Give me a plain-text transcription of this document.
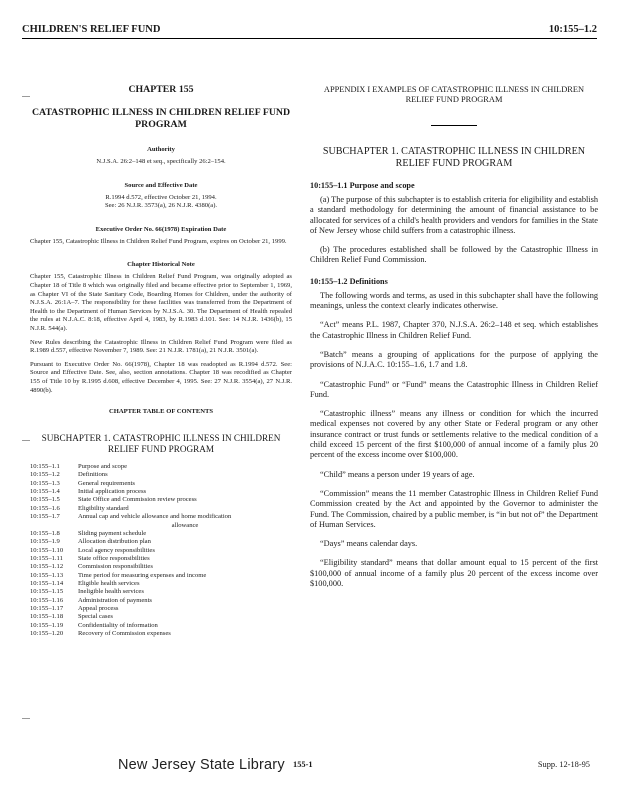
CHILDREN'S RELIEF FUND	10:155–1.2
CHAPTER 155
CATASTROPHIC ILLNESS IN CHILDREN RELIEF FUND PROGRAM
Authority

N.J.S.A. 26:2–148 et seq., specifically 26:2–154.

Source and Effective Date

R.1994 d.572, effective October 21, 1994.

See: 26 N.J.R. 3573(a), 26 N.J.R. 4380(a).

Executive Order No. 66(1978) Expiration Date

Chapter 155, Catastrophic Illness in Children Relief Fund Program, expires on October 21, 1999.

Chapter Historical Note

Chapter 155, Catastrophic Illness in Children Relief Fund Program, was originally adopted as Chapter 18 of Title 8 which was originally filed and became effective prior to September 1, 1969, as Chapter VI of the State Sanitary Code, Boarding Homes for Children, under the authority of N.J.S.A. 26:1A–7. The responsibility for these facilities was transferred from the Department of Health to the Department of Human Services by N.J.S.A. 30. The Department of Health repealed the rules at N.J.A.C. 8:18, effective April 4, 1983, by R.1983 d.101. See: 14 N.J.R. 1436(b), 15 N.J.R. 544(a).

New Rules describing the Catastrophic Illness in Children Relief Fund Program were filed as R.1989 d.557, effective November 7, 1989. See: 21 N.J.R. 1781(a), 21 N.J.R. 3501(a).

Pursuant to Executive Order No. 66(1978), Chapter 18 was readopted as R.1994 d.572. See: Source and Effective Date. See, also, section annotations. Chapter 18 was recodified as Chapter 155 of Title 10 by R.1995 d.608, effective December 4, 1995. See: 27 N.J.R. 3554(a), 27 N.J.R. 4890(b).

CHAPTER TABLE OF CONTENTS
SUBCHAPTER 1. CATASTROPHIC ILLNESS IN CHILDREN RELIEF FUND PROGRAM
10:155–1.1	Purpose and scope
10:155–1.2	Definitions
10:155–1.3	General requirements
10:155–1.4	Initial application process
10:155–1.5	State Office and Commission review process
10:155–1.6	Eligibility standard
10:155–1.7	Annual cap and vehicle allowance and home modification
allowance
10:155–1.8	Sliding payment schedule
10:155–1.9	Allocation distribution plan
10:155–1.10	Local agency responsibilities
10:155–1.11	State office responsibilities
10:155–1.12	Commission responsibilities
10:155–1.13	Time period for measuring expenses and income
10:155–1.14	Eligible health services
10:155–1.15	Ineligible health services
10:155–1.16	Administration of payments
10:155–1.17	Appeal process
10:155–1.18	Special cases
10:155–1.19	Confidentiality of information
10:155–1.20	Recovery of Commission expenses
APPENDIX I EXAMPLES OF CATASTROPHIC ILLNESS IN CHILDREN RELIEF FUND PROGRAM
SUBCHAPTER 1. CATASTROPHIC ILLNESS IN CHILDREN RELIEF FUND PROGRAM
10:155–1.1 Purpose and scope

(a) The purpose of this subchapter is to establish criteria for eligibility and establish a standard methodology for determining the amount of financial assistance to be allocated for services of a child's health providers and vendors for families in the State of New Jersey whose child suffers from a catastrophic illness.

(b) The procedures established shall be followed by the Catastrophic Illness in Children Relief Fund Commission.

10:155–1.2 Definitions

The following words and terms, as used in this subchapter shall have the following meanings, unless the context clearly indicates otherwise.

“Act” means P.L. 1987, Chapter 370, N.J.S.A. 26:2–148 et seq. which establishes the Catastrophic Illness in Children Relief Fund.

“Batch” means a grouping of applications for the purpose of applying the provisions of N.J.A.C. 10:155–1.6, 1.7 and 1.8.

“Catastrophic Fund” or “Fund” means the Catastrophic Illness in Children Relief Fund.

“Catastrophic illness” means any illness or condition for which the incurred medical expenses not covered by any other State or Federal program or any other insurance contract or trust funds or settlements relative to the medical condition of a child exceed 15 percent of the first $100,000 of annual income of a family plus 20 percent of the excess income over $100,000.

“Child” means a person under 19 years of age.

“Commission” means the 11 member Catastrophic Illness in Children Relief Fund Commission created by the Act and appointed by the Governor to administer the Fund. The Commission, chaired by a public member, is “in but not of” the Department of Human Services.

“Days” means calendar days.

“Eligibility standard” means that dollar amount equal to 15 percent of the first $100,000 of annual income of a family plus 20 percent of the excess income over $100,000.

New Jersey State Library 155-1	Supp. 12-18-95
